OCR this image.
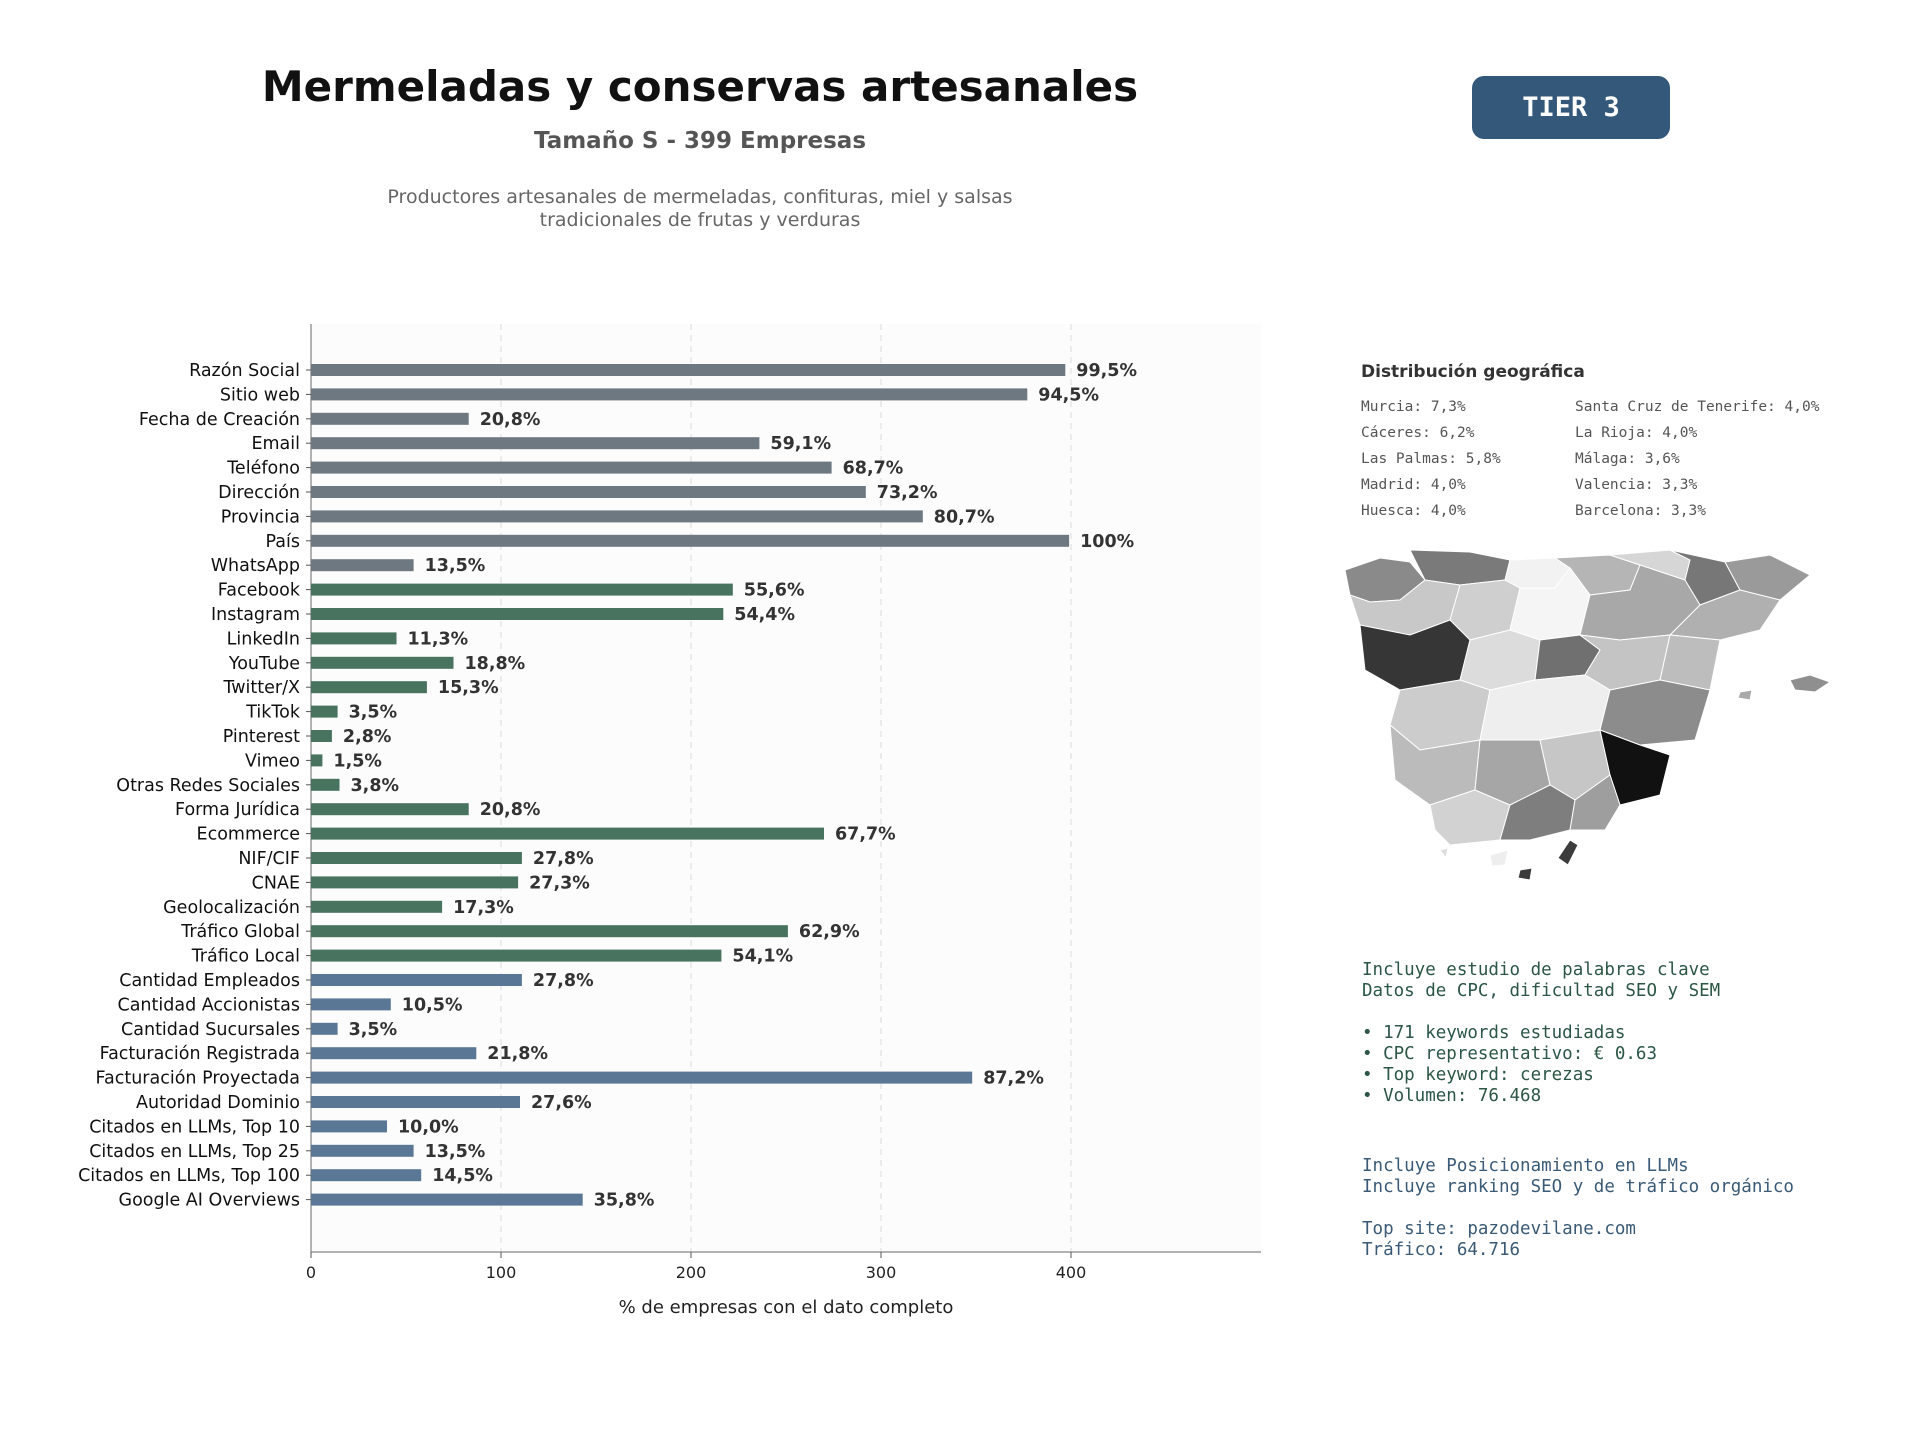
Mermeladas y conservas artesanales
Tamaño S - 399 Empresas
Productores artesanales de mermeladas, confituras, miel y salsas tradicionales de frutas y verduras
TIER 3
0	100	200	300	400
% de empresas con el dato completo
Razón Social	99,5%
Sitio web	94,5%
Fecha de Creación	20,8%
Email	59,1%
Teléfono	68,7%
Dirección	73,2%
Provincia	80,7%
País	100%
WhatsApp	13,5%
Facebook	55,6%
Instagram	54,4%
LinkedIn	11,3%
YouTube	18,8%
Twitter/X	15,3%
TikTok	3,5%
Pinterest 2,8%
Vimeo 1,5%
Otras Redes Sociales	3,8%
Forma Jurídica	20,8%
Ecommerce	67,7%
NIF/CIF	27,8%
CNAE	27,3%
Geolocalización	17,3%
Tráfico Global	62,9%
Tráfico Local	54,1%
Cantidad Empleados	27,8%
Cantidad Accionistas	10,5%
Cantidad Sucursales	3,5%
Facturación Registrada	21,8%
Facturación Proyectada	87,2%
Autoridad Dominio	27,6%
Citados en LLMs, Top 10	10,0%
Citados en LLMs, Top 25	13,5%
Citados en LLMs, Top 100	14,5%
Google AI Overviews	35,8%
Distribución geográfica
Murcia: 7,3%
Cáceres: 6,2%
Las Palmas: 5,8%
Madrid: 4,0%
Huesca: 4,0%
Santa Cruz de Tenerife: 4,0%
La Rioja: 4,0%
Málaga: 3,6%
Valencia: 3,3%
Barcelona: 3,3%
Incluye estudio de palabras clave
Datos de CPC, dificultad SEO y SEM
• 171 keywords estudiadas
• CPC representativo: € 0.63
• Top keyword: cerezas
• Volumen: 76.468
Incluye Posicionamiento en LLMs
Incluye ranking SEO y de tráfico orgánico
Top site: pazodevilane.com
Tráfico: 64.716
